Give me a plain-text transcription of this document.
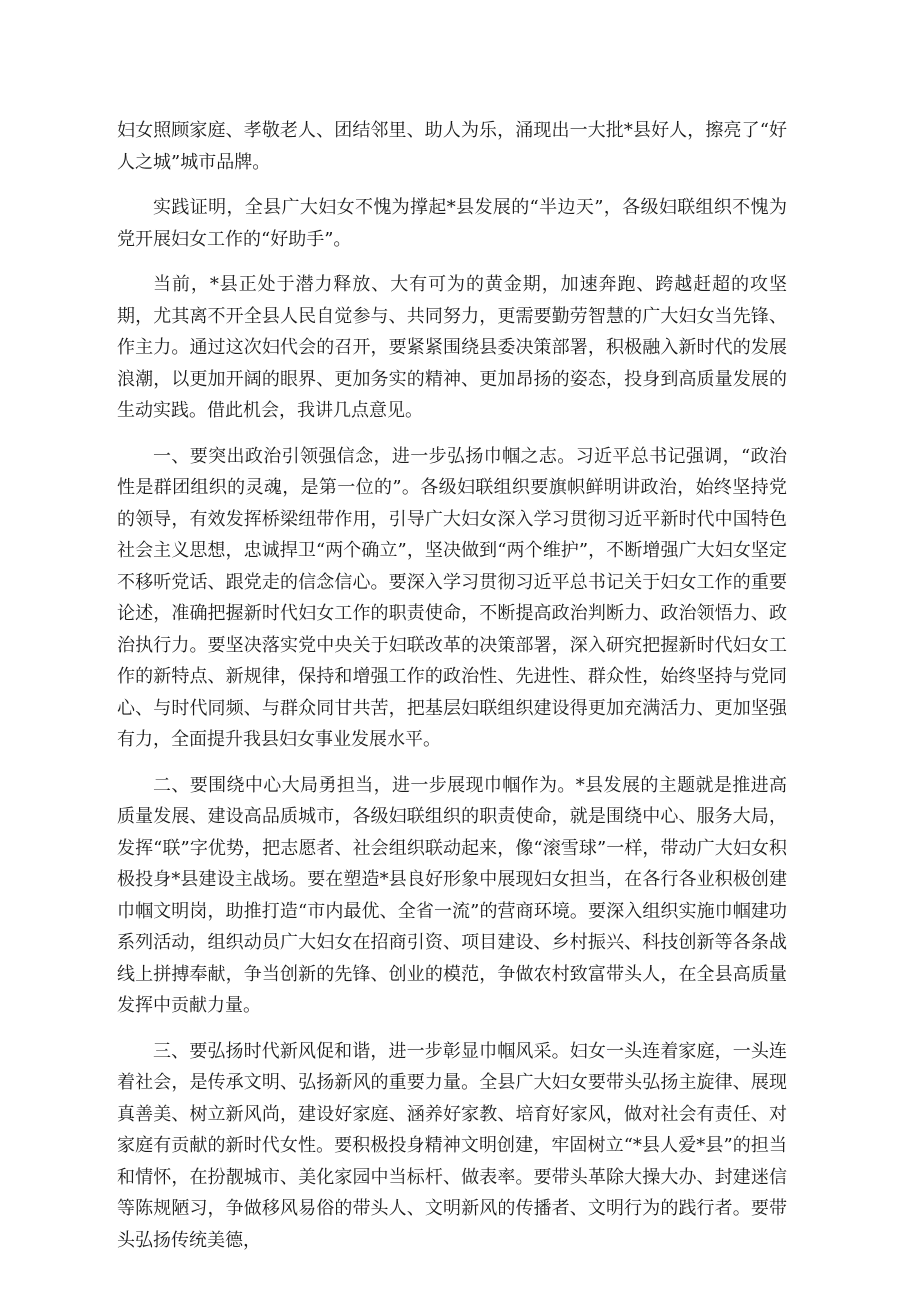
妇女照顾家庭、孝敬老人、团结邻里、助人为乐，涌现出一大批*县好人，擦亮了“好人之城”城市品牌。

实践证明，全县广大妇女不愧为撑起*县发展的“半边天”，各级妇联组织不愧为党开展妇女工作的“好助手”。

当前，*县正处于潜力释放、大有可为的黄金期，加速奔跑、跨越赶超的攻坚期，尤其离不开全县人民自觉参与、共同努力，更需要勤劳智慧的广大妇女当先锋、作主力。通过这次妇代会的召开，要紧紧围绕县委决策部署，积极融入新时代的发展浪潮，以更加开阔的眼界、更加务实的精神、更加昂扬的姿态，投身到高质量发展的生动实践。借此机会，我讲几点意见。

一、要突出政治引领强信念，进一步弘扬巾帼之志。习近平总书记强调，“政治性是群团组织的灵魂，是第一位的”。各级妇联组织要旗帜鲜明讲政治，始终坚持党的领导，有效发挥桥梁纽带作用，引导广大妇女深入学习贯彻习近平新时代中国特色社会主义思想，忠诚捍卫“两个确立”，坚决做到“两个维护”，不断增强广大妇女坚定不移听党话、跟党走的信念信心。要深入学习贯彻习近平总书记关于妇女工作的重要论述，准确把握新时代妇女工作的职责使命，不断提高政治判断力、政治领悟力、政治执行力。要坚决落实党中央关于妇联改革的决策部署，深入研究把握新时代妇女工作的新特点、新规律，保持和增强工作的政治性、先进性、群众性，始终坚持与党同心、与时代同频、与群众同甘共苦，把基层妇联组织建设得更加充满活力、更加坚强有力，全面提升我县妇女事业发展水平。

二、要围绕中心大局勇担当，进一步展现巾帼作为。*县发展的主题就是推进高质量发展、建设高品质城市，各级妇联组织的职责使命，就是围绕中心、服务大局，发挥“联”字优势，把志愿者、社会组织联动起来，像“滚雪球”一样，带动广大妇女积极投身*县建设主战场。要在塑造*县良好形象中展现妇女担当，在各行各业积极创建巾帼文明岗，助推打造“市内最优、全省一流”的营商环境。要深入组织实施巾帼建功系列活动，组织动员广大妇女在招商引资、项目建设、乡村振兴、科技创新等各条战线上拼搏奉献，争当创新的先锋、创业的模范，争做农村致富带头人，在全县高质量发挥中贡献力量。

三、要弘扬时代新风促和谐，进一步彰显巾帼风采。妇女一头连着家庭，一头连着社会，是传承文明、弘扬新风的重要力量。全县广大妇女要带头弘扬主旋律、展现真善美、树立新风尚，建设好家庭、涵养好家教、培育好家风，做对社会有责任、对家庭有贡献的新时代女性。要积极投身精神文明创建，牢固树立“*县人爱*县”的担当和情怀，在扮靓城市、美化家园中当标杆、做表率。要带头革除大操大办、封建迷信等陈规陋习，争做移风易俗的带头人、文明新风的传播者、文明行为的践行者。要带头弘扬传统美德，
